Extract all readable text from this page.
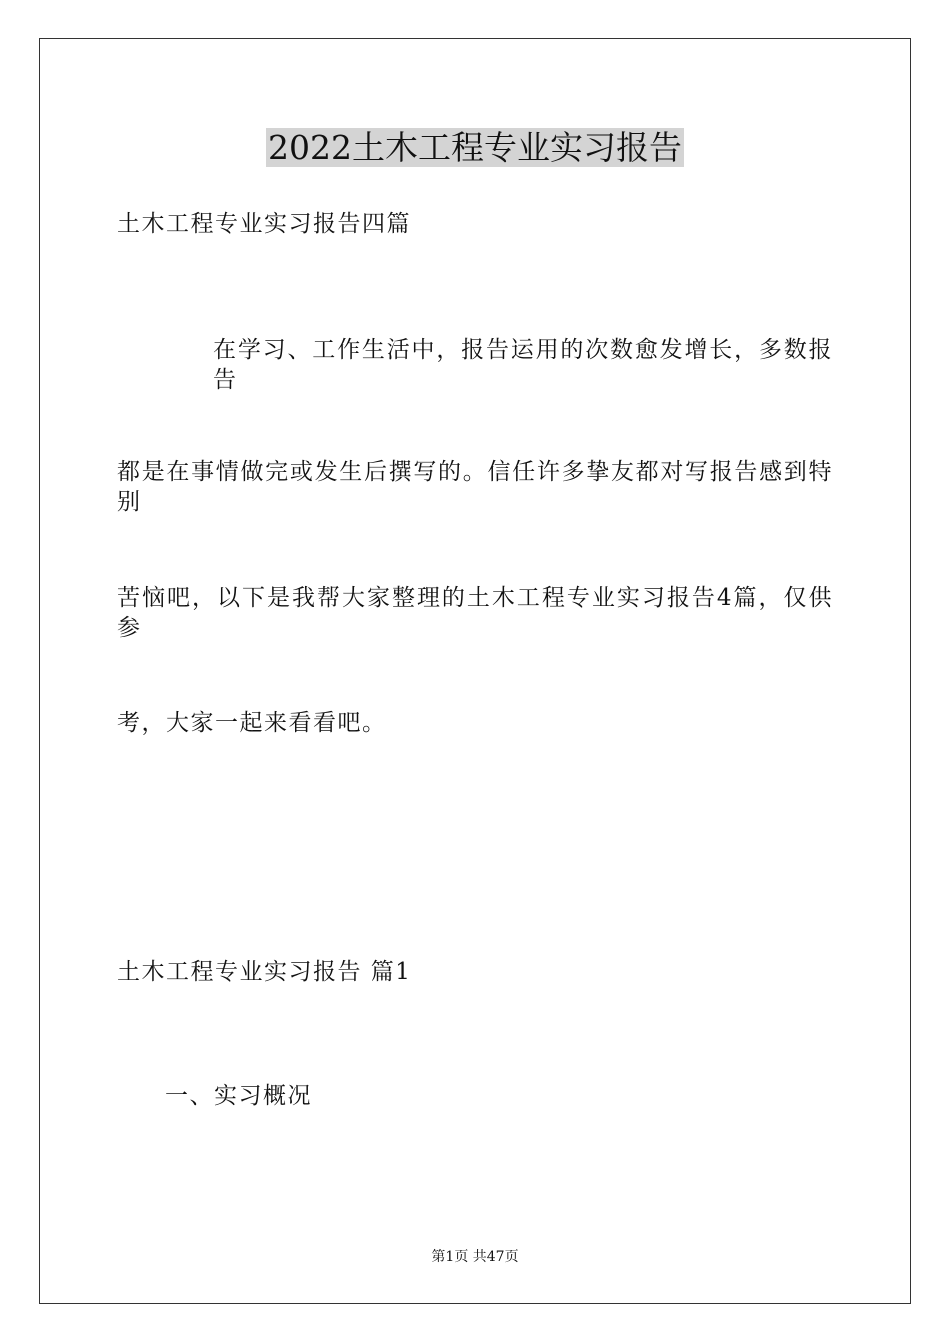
2022土木工程专业实习报告

土木工程专业实习报告四篇

在学习、工作生活中，报告运用的次数愈发增长，多数报告

都是在事情做完或发生后撰写的。信任许多挚友都对写报告感到特别

苦恼吧，以下是我帮大家整理的土木工程专业实习报告4篇，仅供参

考，大家一起来看看吧。

土木工程专业实习报告 篇1

一、实习概况

第1页 共47页
